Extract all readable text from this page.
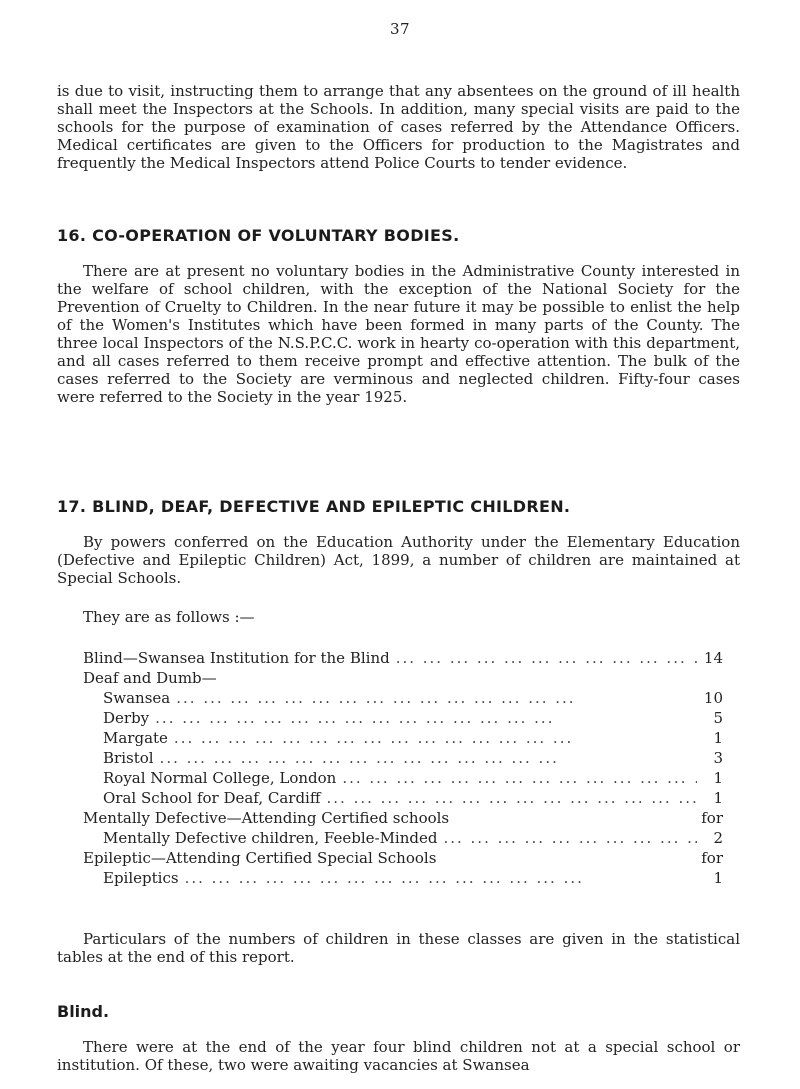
37
is due to visit, instructing them to arrange that any absentees on the ground of ill health shall meet the Inspectors at the Schools. In addition, many special visits are paid to the schools for the purpose of examination of cases referred by the Attendance Officers. Medical certificates are given to the Officers for production to the Magistrates and frequently the Medical Inspectors attend Police Courts to tender evidence.
16. CO-OPERATION OF VOLUNTARY BODIES.
There are at present no voluntary bodies in the Administrative County interested in the welfare of school children, with the exception of the National Society for the Prevention of Cruelty to Children. In the near future it may be possible to enlist the help of the Women's Institutes which have been formed in many parts of the County. The three local Inspectors of the N.S.P.C.C. work in hearty co-operation with this department, and all cases referred to them receive prompt and effective attention. The bulk of the cases referred to the Society are verminous and neglected children. Fifty-four cases were referred to the Society in the year 1925.
17. BLIND, DEAF, DEFECTIVE AND EPILEPTIC CHILDREN.
By powers conferred on the Education Authority under the Elementary Education (Defective and Epileptic Children) Act, 1899, a number of children are maintained at Special Schools.
They are as follows :—
Blind—Swansea Institution for the Blind ... .	14
Deaf and Dumb—
Swansea ... .	10
Derby ... .	5
Margate ... .	1
Bristol ... .	3
Royal Normal College, London ... .	1
Oral School for Deaf, Cardiff ... .	1
Mentally Defective—Attending Certified schools	for
Mentally Defective children, Feeble-Minded ... .	2
Epileptic—Attending Certified Special Schools	for
Epileptics ... .	1
Particulars of the numbers of children in these classes are given in the statistical tables at the end of this report.
Blind.
There were at the end of the year four blind children not at a special school or institution. Of these, two were awaiting vacancies at Swansea
